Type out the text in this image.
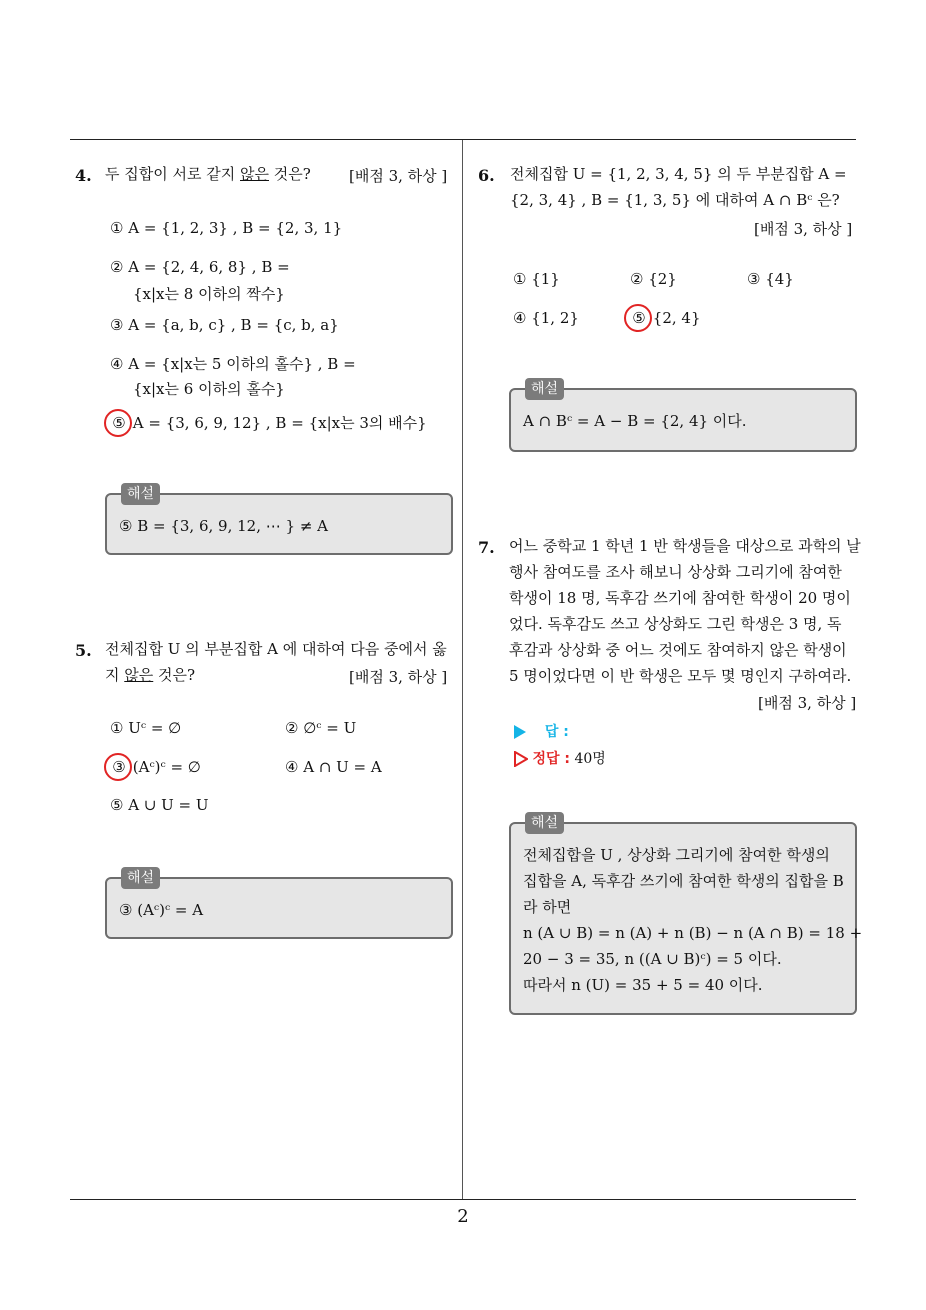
2
4. 두 집합이 서로 같지 않은 것은?	[배점 3, 하상 ]
① A = {1, 2, 3} , B = {2, 3, 1}
② A = {2, 4, 6, 8} , B =
{x|x는 8 이하의 짝수}
③ A = {a, b, c} , B = {c, b, a}
④ A = {x|x는 5 이하의 홀수} , B =
{x|x는 6 이하의 홀수}
⑤ A = {3, 6, 9, 12} , B = {x|x는 3의 배수}
해설
⑤ B = {3, 6, 9, 12, ⋯ } ≠ A
5. 전체집합 U 의 부분집합 A 에 대하여 다음 중에서 옳
지 않은 것은?	[배점 3, 하상 ]
① Uᶜ = ∅	② ∅ᶜ = U
③ (Aᶜ)ᶜ = ∅	④ A ∩ U = A
⑤ A ∪ U = U
해설
③ (Aᶜ)ᶜ = A
6. 전체집합 U = {1, 2, 3, 4, 5} 의 두 부분집합 A =
{2, 3, 4} , B = {1, 3, 5} 에 대하여 A ∩ Bᶜ 은?
[배점 3, 하상 ]
① {1}	② {2}	③ {4}
④ {1, 2}	⑤ {2, 4}
해설
A ∩ Bᶜ = A − B = {2, 4} 이다.
7. 어느 중학교 1 학년 1 반 학생들을 대상으로 과학의 날
행사 참여도를 조사 해보니 상상화 그리기에 참여한
학생이 18 명, 독후감 쓰기에 참여한 학생이 20 명이
었다. 독후감도 쓰고 상상화도 그린 학생은 3 명, 독
후감과 상상화 중 어느 것에도 참여하지 않은 학생이
5 명이었다면 이 반 학생은 모두 몇 명인지 구하여라.
[배점 3, 하상 ]
답 :
정답 : 40명
해설
전체집합을 U , 상상화 그리기에 참여한 학생의
집합을 A, 독후감 쓰기에 참여한 학생의 집합을 B
라 하면
n (A ∪ B) = n (A) + n (B) − n (A ∩ B) = 18 +
20 − 3 = 35, n ((A ∪ B)ᶜ) = 5 이다.
따라서 n (U) = 35 + 5 = 40 이다.
